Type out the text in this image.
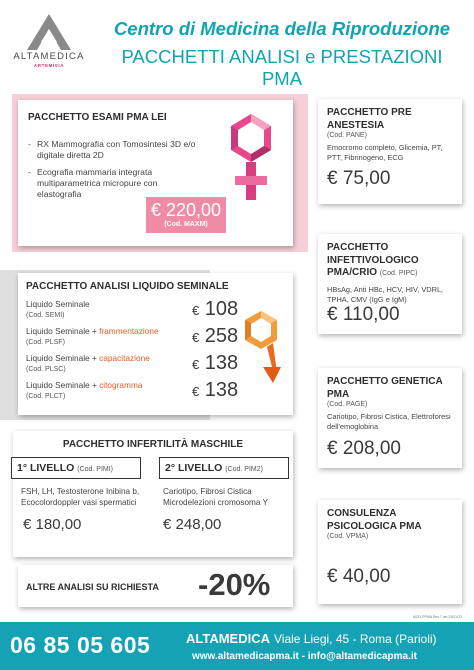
ALTAMEDICA
ARTEMISIA
Centro di Medicina della Riproduzione
PACCHETTI ANALISI e PRESTAZIONI PMA
PACCHETTO ESAMI PMA LEI
- RX Mammografia con Tomosintesi 3D e/o digitale diretta 2D
- Ecografia mammaria integrata multiparametrica micropure con elastografia
€ 220,00
(Cod. MAXM)
PACCHETTO ANALISI LIQUIDO SEMINALE
Liquido Seminale
(Cod. SEMI)	€ 108
Liquido Seminale + frammentazione
(Cod. PLSF)	€ 258
Liquido Seminale + capacitazione
(Cod. PLSC)	€ 138
Liquido Seminale + citogramma
(Cod. PLCT)	€ 138
PACCHETTO INFERTILITÀ MASCHILE
1° LIVELLO (Cod. PIMI)
FSH, LH, Testosterone Inibina b, Ecocolordoppler vasi spermatici
€ 180,00
2° LIVELLO (Cod. PIM2)
Cariotipo, Fibrosi Cistica Microdelezioni cromosoma Y
€ 248,00
ALTRE ANALISI SU RICHIESTA -20%
PACCHETTO PRE ANESTESIA
(Cod. PANE)
Emocromo completo, Glicemia, PT, PTT, Fibrinogeno, ECG
€ 75,00
PACCHETTO INFETTIVOLOGICO PMA/CRIO (Cod. PIPC)
HBsAg, Anti HBc, HCV, HIV, VDRL, TPHA, CMV (IgG e IgM)
€ 110,00
PACCHETTO GENETICA PMA
(Cod. PAGE)
Cariotipo, Fibrosi Cistica, Elettroforesi dell'emoglobina
€ 208,00
CONSULENZA PSICOLOGICA PMA
(Cod. VPMA)
€ 40,00
MOD-PPMA Rev.7 del 23/01/23
06 85 05 605	ALTAMEDICA Viale Liegi, 45 - Roma (Parioli)
www.altamedicapma.it - info@altamedicapma.it
